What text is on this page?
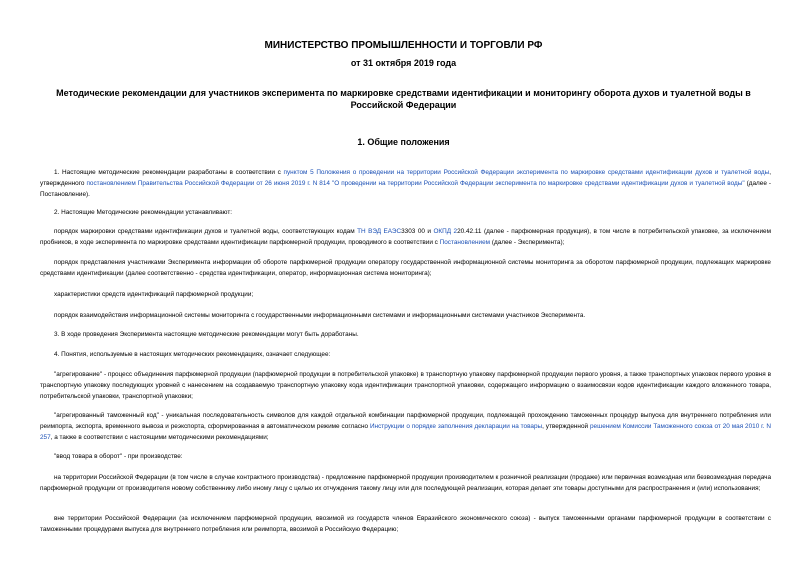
МИНИСТЕРСТВО ПРОМЫШЛЕННОСТИ И ТОРГОВЛИ РФ
от 31 октября 2019 года
Методические рекомендации для участников эксперимента по маркировке средствами идентификации и мониторингу оборота духов и туалетной воды в Российской Федерации
1. Общие положения

1. Настоящие методические рекомендации разработаны в соответствии с пунктом 5 Положения о проведении на территории Российской Федерации эксперимента по маркировке средствами идентификации духов и туалетной воды, утвержденного постановлением Правительства Российской Федерации от 26 июня 2019 г. N 814 "О проведении на территории Российской Федерации эксперимента по маркировке средствами идентификации духов и туалетной воды" (далее - Постановление).

2. Настоящие Методические рекомендации устанавливают:

порядок маркировки средствами идентификации духов и туалетной воды, соответствующих кодам ТН ВЭД ЕАЭС3303 00 и ОКПД 220.42.11 (далее - парфюмерная продукция), в том числе в потребительской упаковке, за исключением пробников, в ходе эксперимента по маркировке средствами идентификации парфюмерной продукции, проводимого в соответствии с Постановлением (далее - Эксперимента);

порядок представления участниками Эксперимента информации об обороте парфюмерной продукции оператору государственной информационной системы мониторинга за оборотом парфюмерной продукции, подлежащих маркировке средствами идентификации (далее соответственно - средства идентификации, оператор, информационная система мониторинга);

характеристики средств идентификаций парфюмерной продукции;

порядок взаимодействия информационной системы мониторинга с государственными информационными системами и информационными системами участников Эксперимента.

3. В ходе проведения Эксперимента настоящие методические рекомендации могут быть доработаны.

4. Понятия, используемые в настоящих методических рекомендациях, означает следующее:

"агрегирование" - процесс объединения парфюмерной продукции (парфюмерной продукции в потребительской упаковке) в транспортную упаковку парфюмерной продукции первого уровня, а также транспортных упаковок первого уровня в транспортную упаковку последующих уровней с нанесением на создаваемую транспортную упаковку кода идентификации транспортной упаковки, содержащего информацию о взаимосвязи кодов идентификации каждого вложенного товара, потребительской упаковки, транспортной упаковки;

"агрегированный таможенный код" - уникальная последовательность символов для каждой отдельной комбинации парфюмерной продукции, подлежащей прохождению таможенных процедур выпуска для внутреннего потребления или реимпорта, экспорта, временного вывоза и реэкспорта, сформированная в автоматическом режиме согласно Инструкции о порядке заполнения декларации на товары, утвержденной решением Комиссии Таможенного союза от 20 мая 2010 г. N 257, а также в соответствии с настоящими методическими рекомендациями;

"ввод товара в оборот" - при производстве:

на территории Российской Федерации (в том числе в случае контрактного производства) - предложение парфюмерной продукции производителем к розничной реализации (продаже) или первичная возмездная или безвозмездная передача парфюмерной продукции от производителя новому собственнику либо иному лицу с целью их отчуждения такому лицу или для последующей реализации, которая делает эти товары доступными для распространения и (или) использования;

вне территории Российской Федерации (за исключением парфюмерной продукции, ввозимой из государств членов Евразийского экономического союза) - выпуск таможенными органами парфюмерной продукции в соответствии с таможенными процедурами выпуска для внутреннего потребления или реимпорта, ввозимой в Российскую Федерацию;
